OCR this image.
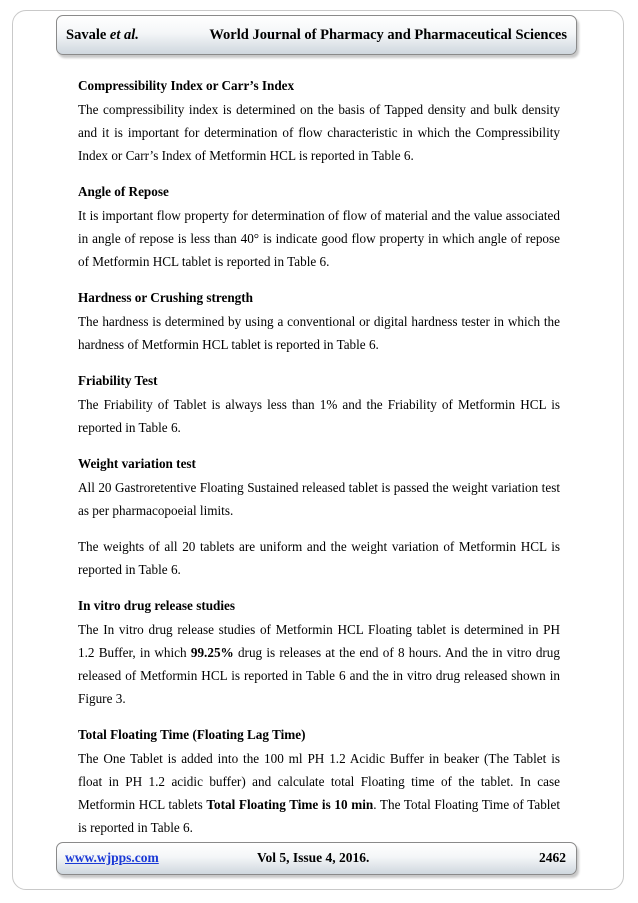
Savale et al.	World Journal of Pharmacy and Pharmaceutical Sciences
Compressibility Index or Carr’s Index

The compressibility index is determined on the basis of Tapped density and bulk density and it is important for determination of flow characteristic in which the Compressibility Index or Carr’s Index of Metformin HCL is reported in Table 6.

Angle of Repose

It is important flow property for determination of flow of material and the value associated in angle of repose is less than 40° is indicate good flow property in which angle of repose of Metformin HCL tablet is reported in Table 6.

Hardness or Crushing strength

The hardness is determined by using a conventional or digital hardness tester in which the hardness of Metformin HCL tablet is reported in Table 6.

Friability Test

The Friability of Tablet is always less than 1% and the Friability of Metformin HCL is reported in Table 6.

Weight variation test

All 20 Gastroretentive Floating Sustained released tablet is passed the weight variation test as per pharmacopoeial limits.

The weights of all 20 tablets are uniform and the weight variation of Metformin HCL is reported in Table 6.

In vitro drug release studies

The In vitro drug release studies of Metformin HCL Floating tablet is determined in PH 1.2 Buffer, in which 99.25% drug is releases at the end of 8 hours. And the in vitro drug released of Metformin HCL is reported in Table 6 and the in vitro drug released shown in Figure 3.

Total Floating Time (Floating Lag Time)

The One Tablet is added into the 100 ml PH 1.2 Acidic Buffer in beaker (The Tablet is float in PH 1.2 acidic buffer) and calculate total Floating time of the tablet. In case Metformin HCL tablets Total Floating Time is 10 min. The Total Floating Time of Tablet is reported in Table 6.

www.wjpps.com	Vol 5, Issue 4, 2016.	2462
